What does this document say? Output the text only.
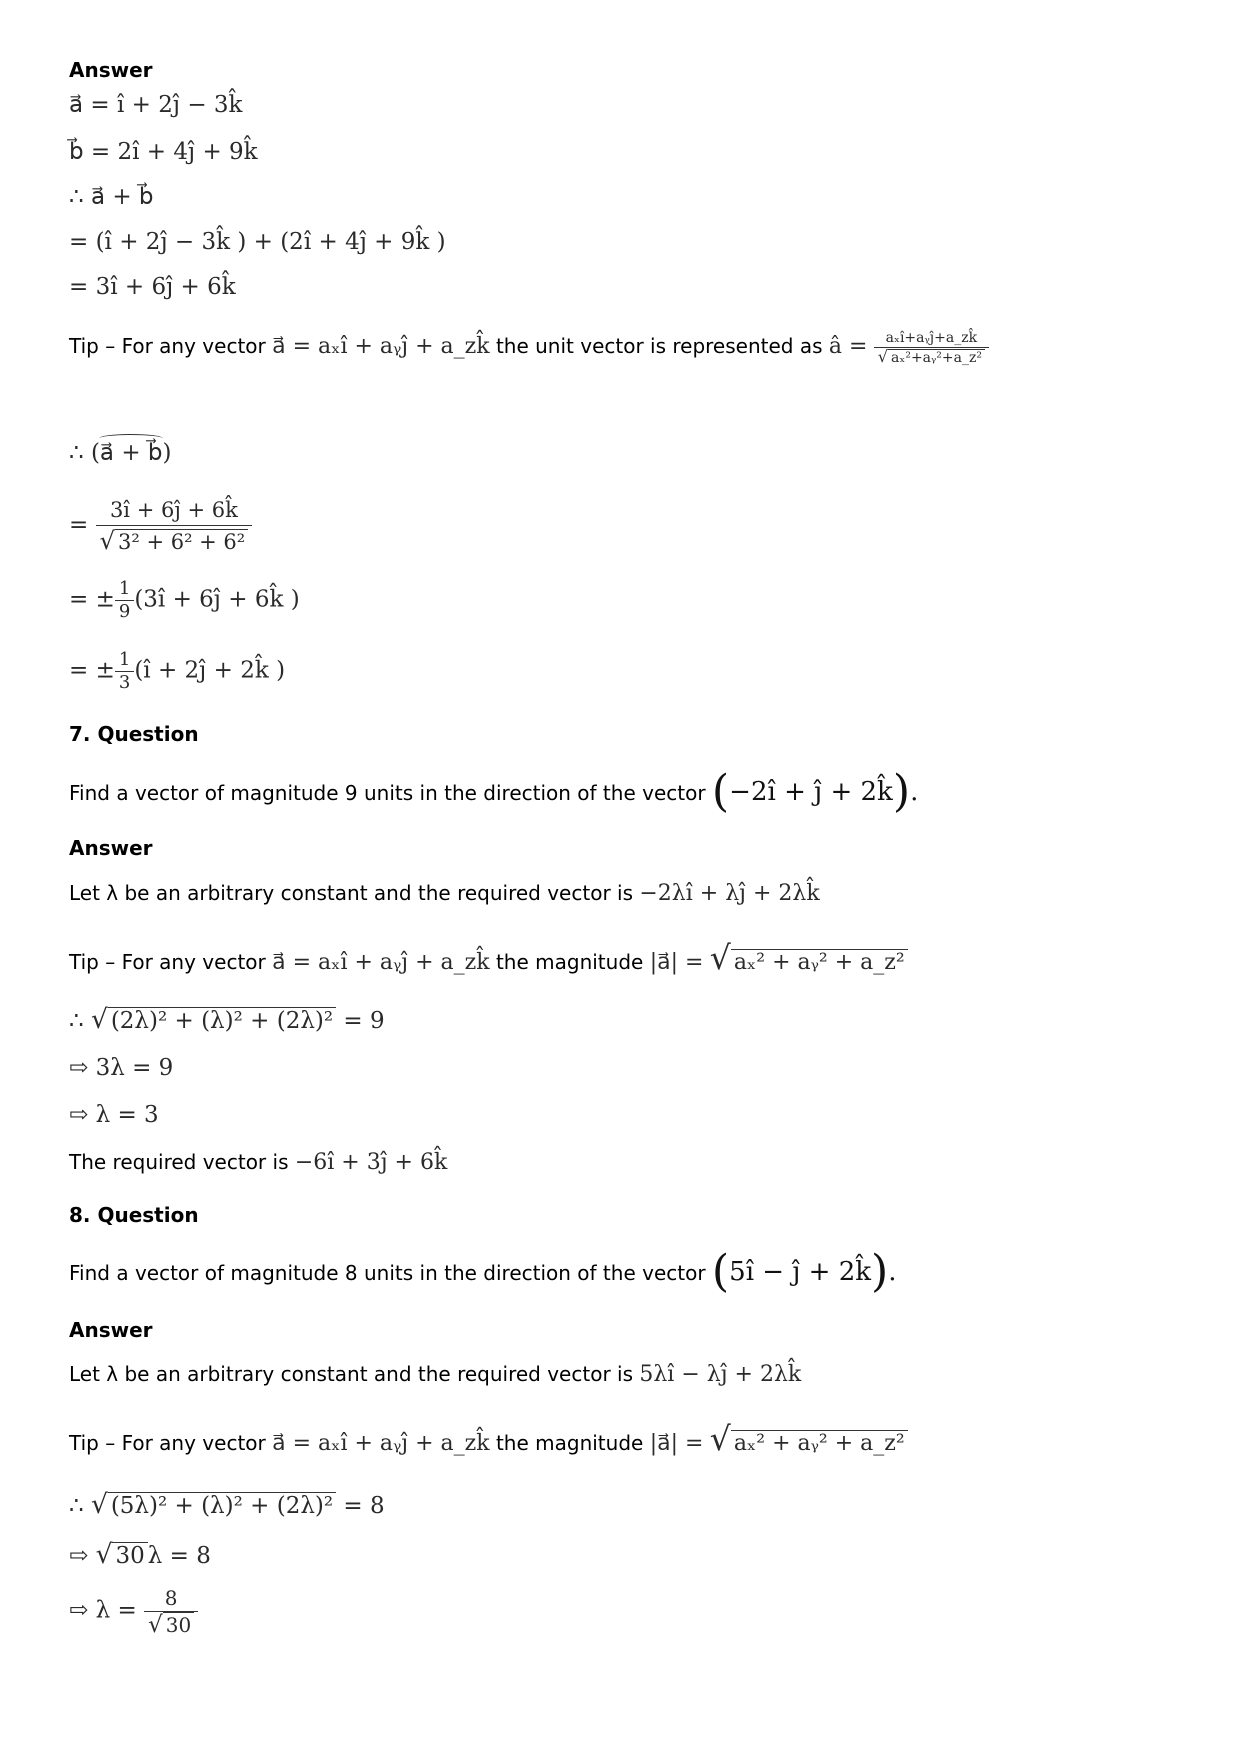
Answer
a⃗ = î + 2ĵ − 3k̂
b⃗ = 2î + 4ĵ + 9k̂
∴ a⃗ + b⃗
= (î + 2ĵ − 3k̂ ) + (2î + 4ĵ + 9k̂ )
= 3î + 6ĵ + 6k̂
Tip – For any vector a⃗ = aₓî + aᵧĵ + a_zk̂ the unit vector is represented as â = $\frac{\text{aₓî+aᵧĵ+a\_zk̂}}{\text{√ aₓ²+aᵧ²+a\_z²}}$
∴ (a⃗ + b⃗)
= $\frac{3î + 6ĵ + 6k̂}{\text{√ 3² + 6² + 6²}}$
= ± $\frac{1}{9}$ (3î + 6ĵ + 6k̂ )
= ± $\frac{1}{3}$ (î + 2ĵ + 2k̂ )
7. Question
Find a vector of magnitude 9 units in the direction of the vector (−2î + ĵ + 2k̂).
Answer
Let λ be an arbitrary constant and the required vector is −2λî + λĵ + 2λk̂
Tip – For any vector a⃗ = aₓî + aᵧĵ + a_zk̂ the magnitude |a⃗| = √ aₓ² + aᵧ² + a_z²
∴ √ (2λ)² + (λ)² + (2λ)² = 9
⇨ 3λ = 9
⇨ λ = 3
The required vector is −6î + 3ĵ + 6k̂
8. Question
Find a vector of magnitude 8 units in the direction of the vector (5î − ĵ + 2k̂).
Answer
Let λ be an arbitrary constant and the required vector is 5λî − λĵ + 2λk̂
Tip – For any vector a⃗ = aₓî + aᵧĵ + a_zk̂ the magnitude |a⃗| = √ aₓ² + aᵧ² + a_z²
∴ √ (5λ)² + (λ)² + (2λ)² = 8
⇨ √ 30 λ = 8
⇨ $\lambda = \frac{8}{√ 30}$
